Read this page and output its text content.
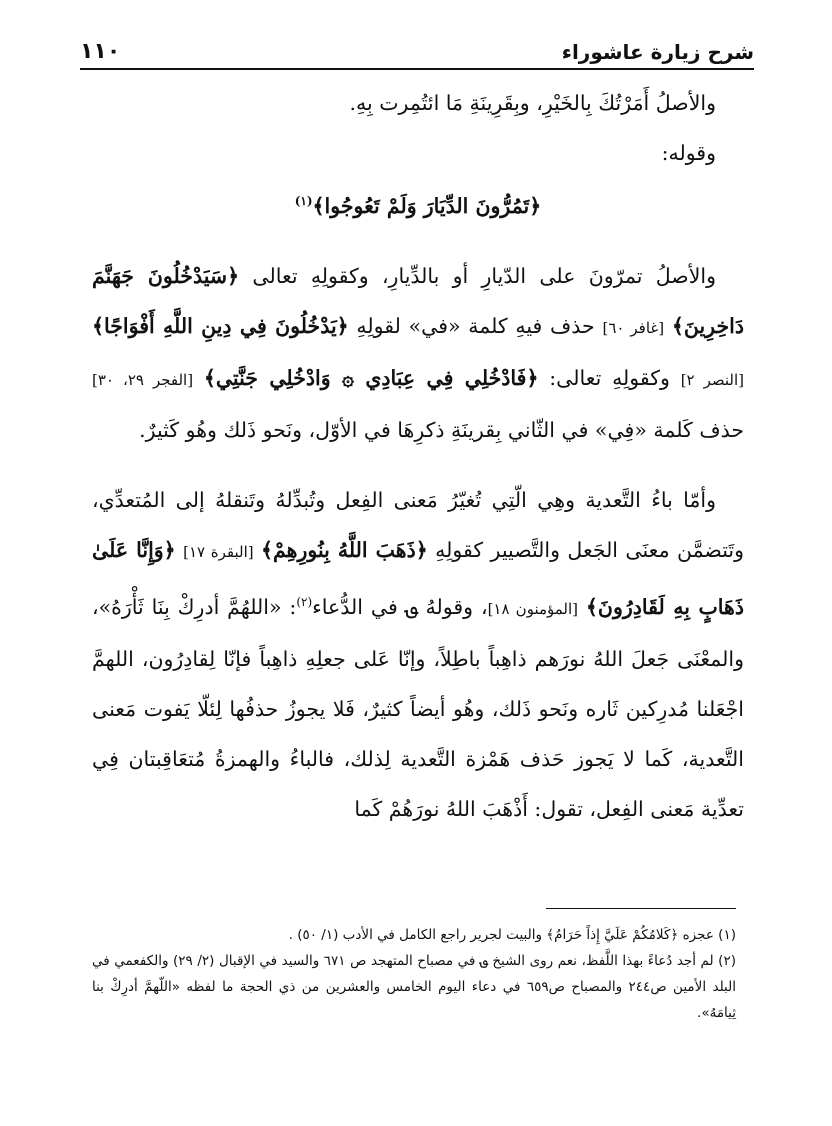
شرح زيارة عاشوراء
١١٠

والأصلُ أَمَرْتُكَ بِالخَيْرِ، وبِقَرِينَةِ مَا ائتُمِرت بِهِ.

وقوله:

﴿تَمُرُّونَ الدِّيَارَ وَلَمْ تَعُوجُوا﴾$^{(١)}$

والأصلُ تمرّونَ على الدّيارِ أو بالدِّيارِ، وكقولِهِ تعالى ﴿سَيَدْخُلُونَ جَهَنَّمَ دَاخِرِينَ﴾ [غافر ٦٠] حذف فيهِ كلمة «في» لقولِهِ ﴿يَدْخُلُونَ فِي دِينِ اللَّهِ أَفْوَاجًا﴾ [النصر ٢] وكقولِهِ تعالى: ﴿فَادْخُلِي فِي عِبَادِي ۞ وَادْخُلِي جَنَّتِي﴾ [الفجر ٢٩، ٣٠] حذف كَلمة «فِي» في الثّاني بِقرينَةِ ذكرِهَا في الأوّل، ونَحو ذَلك وهُو كَثيرٌ.

وأمّا باءُ التَّعدية وهِي الّتِي تُغيّرُ مَعنى الفِعل وتُبدِّلهُ وتَنقلهُ إلى المُتعدِّي، وتَتضمَّن معنَى الجَعل والتَّصيير كقولِهِ ﴿ذَهَبَ اللَّهُ بِنُورِهِمْ﴾ [البقرة ١٧] ﴿وَإِنَّا عَلَىٰ ذَهَابٍ بِهِ لَقَادِرُونَ﴾ [المؤمنون ١٨]، وقولهُ ؈ في الدُّعاء$^{(٢)}$: «اللهُمَّ أدرِكْ بِنَا ثَأْرَهُ»، والمعْنَى جَعلَ اللهُ نورَهم ذاهِباً باطِلاً، وإنّا عَلى جعلِهِ ذاهِباً فإنّا لِقادِرُون، اللهمَّ اجْعَلنا مُدرِكين ثَاره ونَحو ذَلك، وهُو أيضاً كثيرٌ، فَلا يجوزُ حذفُها لِئلّا يَفوت مَعنى التَّعدية، كَما لا يَجوز حَذف هَمْزة التَّعدية لِذلك، فالباءُ والهمزةُ مُتعَاقِبتان فِي تعدِّية مَعنى الفِعل، تقول: أَذْهَبَ اللهُ نورَهُمْ كَما

(١) عجزه ﴿كَلامُكُمْ عَلَيَّ إِذاً حَرَامُ﴾ والبيت لجرير راجع الكامل في الأدب (١/ ٥٠) .

(٢) لم أجد دُعاءً بهذا اللَّفظ، نعم روى الشيخ ؈ في مصباح المتهجد ص ٦٧١ والسيد في الإقبال (٢/ ٢٩) والكفعمي في البلد الأمين ص٢٤٤ والمصباح ص٦٥٩ في دعاء اليوم الخامس والعشرين من ذي الحجة ما لفظه «اللّهمَّ أدرِكْ بنا ثِيامَهُ».
